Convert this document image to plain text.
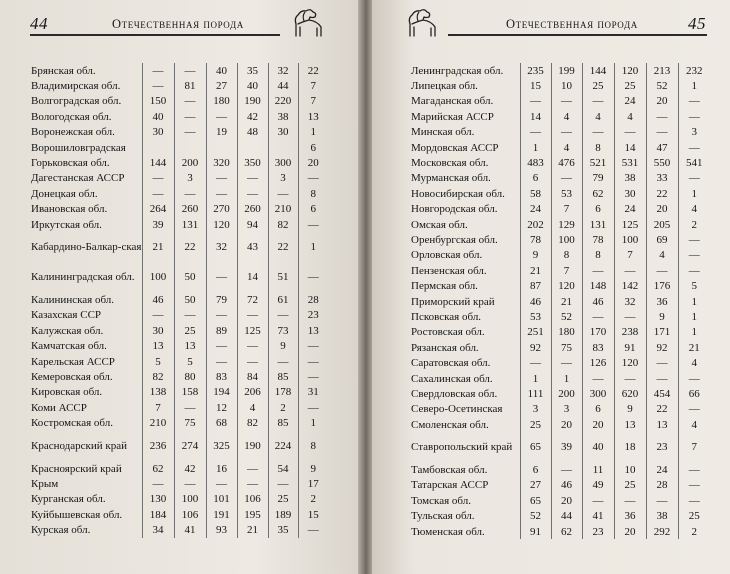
44	Отечественная порода
Брянская обл.	—	—	40	35	32	22
Владимирская обл.	—	81	27	40	44	7
Волгоградская обл.	150	—	180	190	220	7
Вологодская обл.	40	—	—	42	38	13
Воронежская обл.	30	—	19	48	30	1
Ворошиловградская						6
Горьковская обл.	144	200	320	350	300	20
Дагестанская АССР	—	3	—	—	3	—
Донецкая обл.	—	—	—	—	—	8
Ивановская обл.	264	260	270	260	210	6
Иркутская обл.	39	131	120	94	82	—
Кабардино-Балкар-ская	21	22	32	43	22	1
Калининградская обл.	100	50	—	14	51	—
Калининская обл.	46	50	79	72	61	28
Казахская ССР	—	—	—	—	—	23
Калужская обл.	30	25	89	125	73	13
Камчатская обл.	13	13	—	—	9	—
Карельская АССР	5	5	—	—	—	—
Кемеровская обл.	82	80	83	84	85	—
Кировская обл.	138	158	194	206	178	31
Коми АССР	7	—	12	4	2	—
Костромская обл.	210	75	68	82	85	1
Краснодарский край	236	274	325	190	224	8
Красноярский край	62	42	16	—	54	9
Крым	—	—	—	—	—	17
Курганская обл.	130	100	101	106	25	2
Куйбышевская обл.	184	106	191	195	189	15
Курская обл.	34	41	93	21	35	—
Отечественная порода	45
Ленинградская обл.	235	199	144	120	213	232
Липецкая обл.	15	10	25	25	52	1
Магаданская обл.	—	—	—	24	20	—
Марийская АССР	14	4	4	4	—	—
Минская обл.	—	—	—	—	—	3
Мордовская АССР	1	4	8	14	47	—
Московская обл.	483	476	521	531	550	541
Мурманская обл.	6	—	79	38	33	—
Новосибирская обл.	58	53	62	30	22	1
Новгородская обл.	24	7	6	24	20	4
Омская обл.	202	129	131	125	205	2
Оренбургская обл.	78	100	78	100	69	—
Орловская обл.	9	8	8	7	4	—
Пензенская обл.	21	7	—	—	—	—
Пермская обл.	87	120	148	142	176	5
Приморский край	46	21	46	32	36	1
Псковская обл.	53	52	—	—	9	1
Ростовская обл.	251	180	170	238	171	1
Рязанская обл.	92	75	83	91	92	21
Саратовская обл.	—	—	126	120	—	4
Сахалинская обл.	1	1	—	—	—	—
Свердловская обл.	111	200	300	620	454	66
Северо-Осетинская	3	3	6	9	22	—
Смоленская обл.	25	20	20	13	13	4
Ставропольский край	65	39	40	18	23	7
Тамбовская обл.	6	—	11	10	24	—
Татарская АССР	27	46	49	25	28	—
Томская обл.	65	20	—	—	—	—
Тульская обл.	52	44	41	36	38	25
Тюменская обл.	91	62	23	20	292	2
